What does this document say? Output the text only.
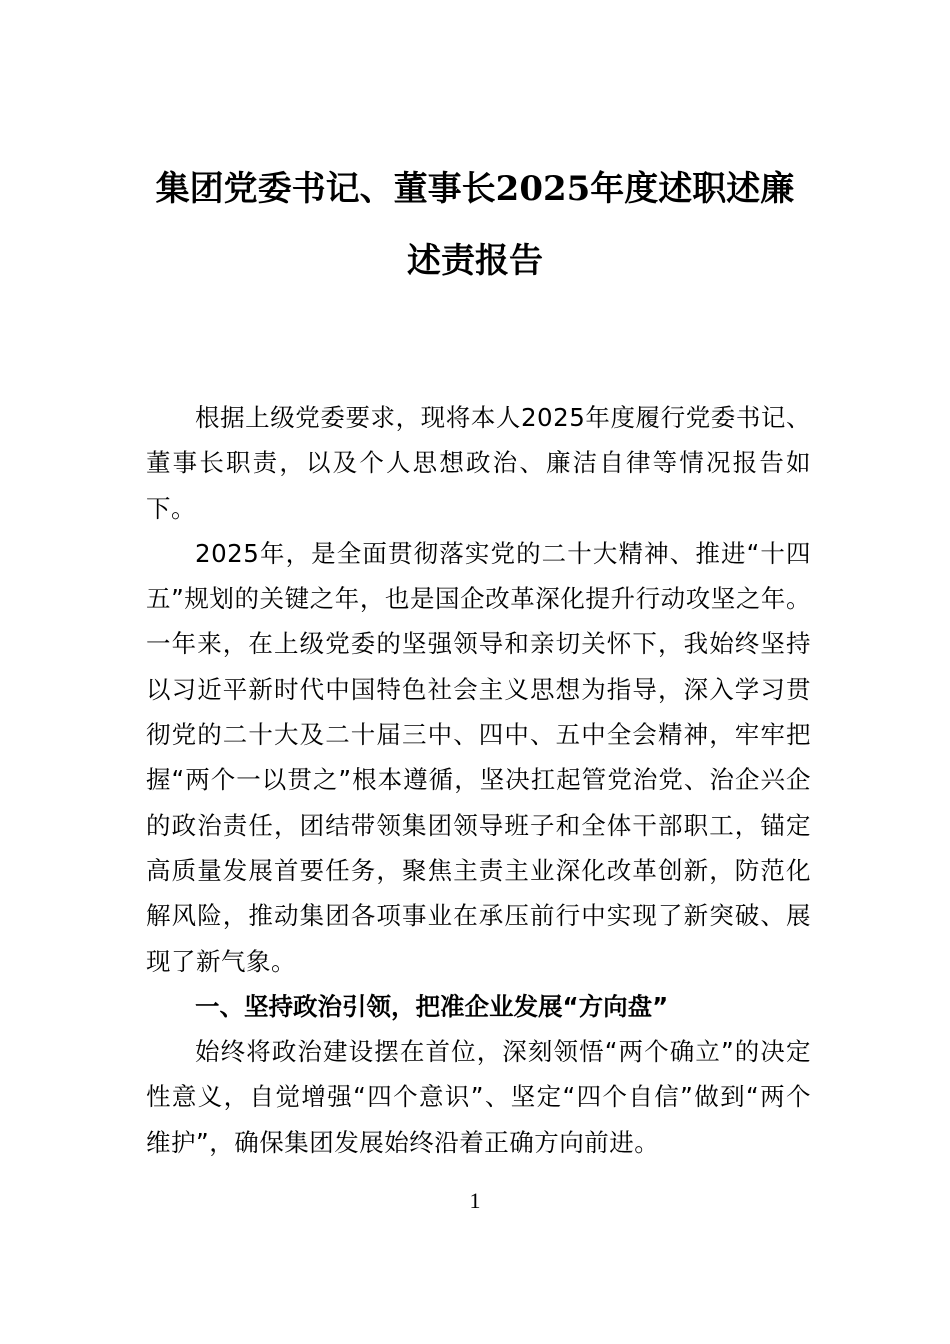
集团党委书记、董事长2025年度述职述廉
述责报告

根据上级党委要求，现将本人2025年度履行党委书记、董事长职责，以及个人思想政治、廉洁自律等情况报告如下。

2025年，是全面贯彻落实党的二十大精神、推进“十四五”规划的关键之年，也是国企改革深化提升行动攻坚之年。一年来，在上级党委的坚强领导和亲切关怀下，我始终坚持以习近平新时代中国特色社会主义思想为指导，深入学习贯彻党的二十大及二十届三中、四中、五中全会精神，牢牢把握“两个一以贯之”根本遵循，坚决扛起管党治党、治企兴企的政治责任，团结带领集团领导班子和全体干部职工，锚定高质量发展首要任务，聚焦主责主业深化改革创新，防范化解风险，推动集团各项事业在承压前行中实现了新突破、展现了新气象。

一、坚持政治引领，把准企业发展“方向盘”

始终将政治建设摆在首位，深刻领悟“两个确立”的决定性意义，自觉增强“四个意识”、坚定“四个自信”做到“两个维护”，确保集团发展始终沿着正确方向前进。

1
